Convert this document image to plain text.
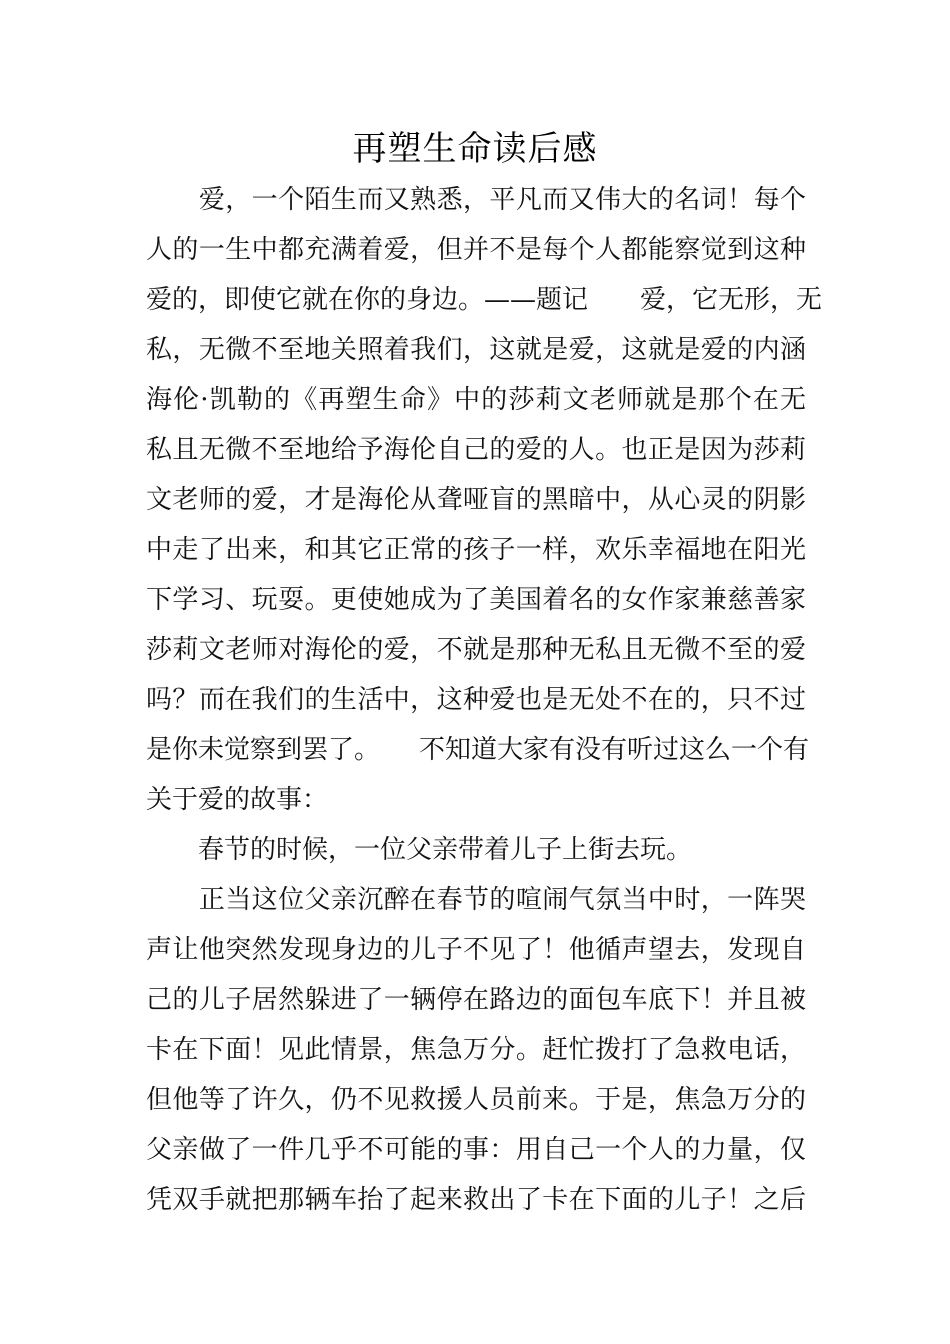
再塑生命读后感
　　爱，一个陌生而又熟悉，平凡而又伟大的名词！每个
人的一生中都充满着爱，但并不是每个人都能察觉到这种
爱的，即使它就在你的身边。——题记　　爱，它无形，无
私，无微不至地关照着我们，这就是爱，这就是爱的内涵
海伦·凯勒的《再塑生命》中的莎莉文老师就是那个在无
私且无微不至地给予海伦自己的爱的人。也正是因为莎莉
文老师的爱，才是海伦从聋哑盲的黑暗中，从心灵的阴影
中走了出来，和其它正常的孩子一样，欢乐幸福地在阳光
下学习、玩耍。更使她成为了美国着名的女作家兼慈善家
莎莉文老师对海伦的爱，不就是那种无私且无微不至的爱
吗？而在我们的生活中，这种爱也是无处不在的，只不过
是你未觉察到罢了。　　不知道大家有没有听过这么一个有
关于爱的故事：
　　春节的时候，一位父亲带着儿子上街去玩。
　　正当这位父亲沉醉在春节的喧闹气氛当中时，一阵哭
声让他突然发现身边的儿子不见了！他循声望去，发现自
己的儿子居然躲进了一辆停在路边的面包车底下！并且被
卡在下面！见此情景，焦急万分。赶忙拨打了急救电话，
但他等了许久，仍不见救援人员前来。于是，焦急万分的
父亲做了一件几乎不可能的事：用自己一个人的力量，仅
凭双手就把那辆车抬了起来救出了卡在下面的儿子！之后
